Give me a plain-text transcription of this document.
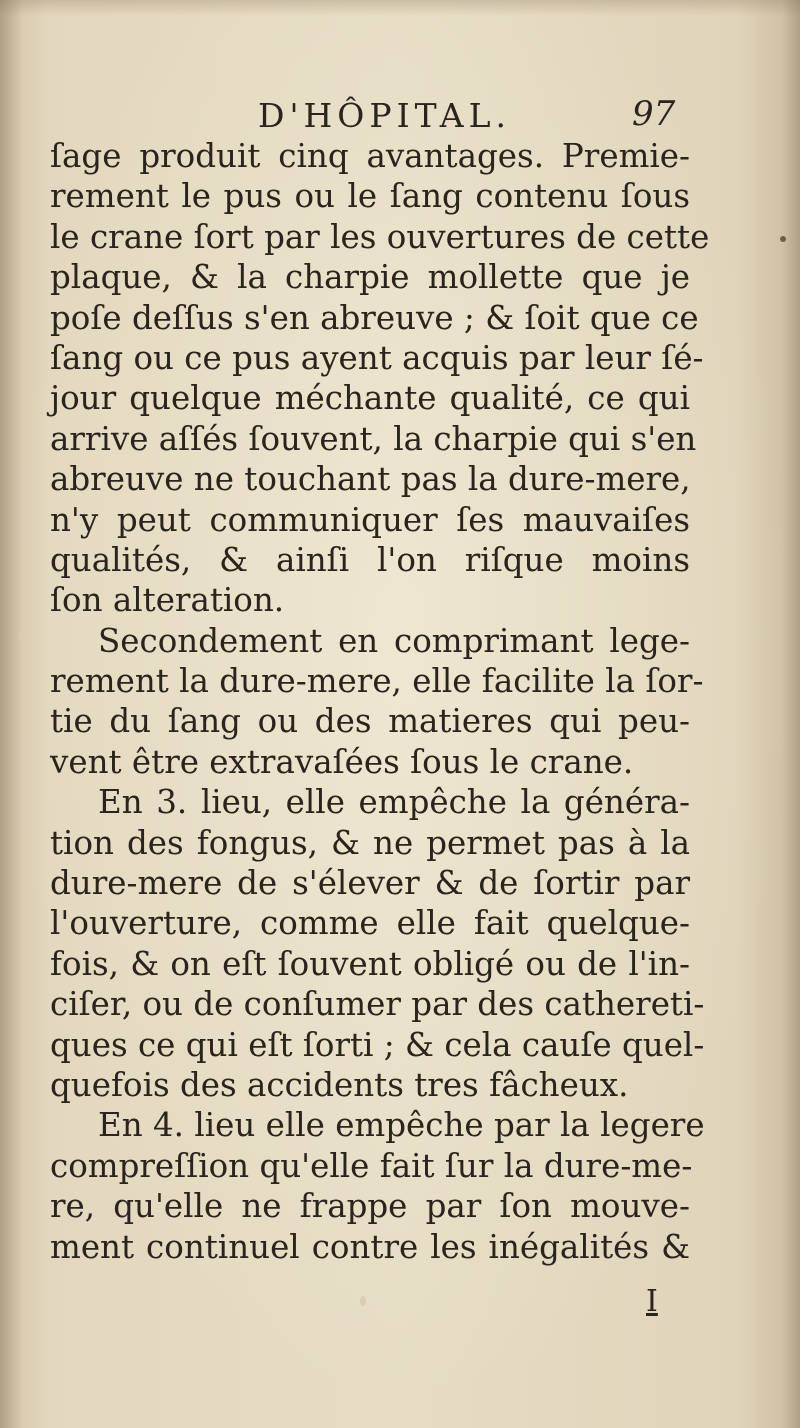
D'HÔPITAL.	97
ſage produit cinq avantages. Premie-
rement le pus ou le ſang contenu ſous
le crane ſort par les ouvertures de cette
plaque, & la charpie mollette que je
poſe deſſus s'en abreuve ; & ſoit que ce
ſang ou ce pus ayent acquis par leur ſé-
jour quelque méchante qualité, ce qui
arrive aſſés ſouvent, la charpie qui s'en
abreuve ne touchant pas la dure-mere,
n'y peut communiquer ſes mauvaiſes
qualités, & ainſi l'on riſque moins
ſon alteration.
Secondement en comprimant lege-
rement la dure-mere, elle facilite la ſor-
tie du ſang ou des matieres qui peu-
vent être extravaſées ſous le crane.
En 3. lieu, elle empêche la généra-
tion des fongus, & ne permet pas à la
dure-mere de s'élever & de ſortir par
l'ouverture, comme elle fait quelque-
fois, & on eſt ſouvent obligé ou de l'in-
ciſer, ou de conſumer par des cathereti-
ques ce qui eſt ſorti ; & cela cauſe quel-
quefois des accidents tres fâcheux.
En 4. lieu elle empêche par la legere
compreſſion qu'elle fait ſur la dure-me-
re, qu'elle ne frappe par ſon mouve-
ment continuel contre les inégalités &
I
